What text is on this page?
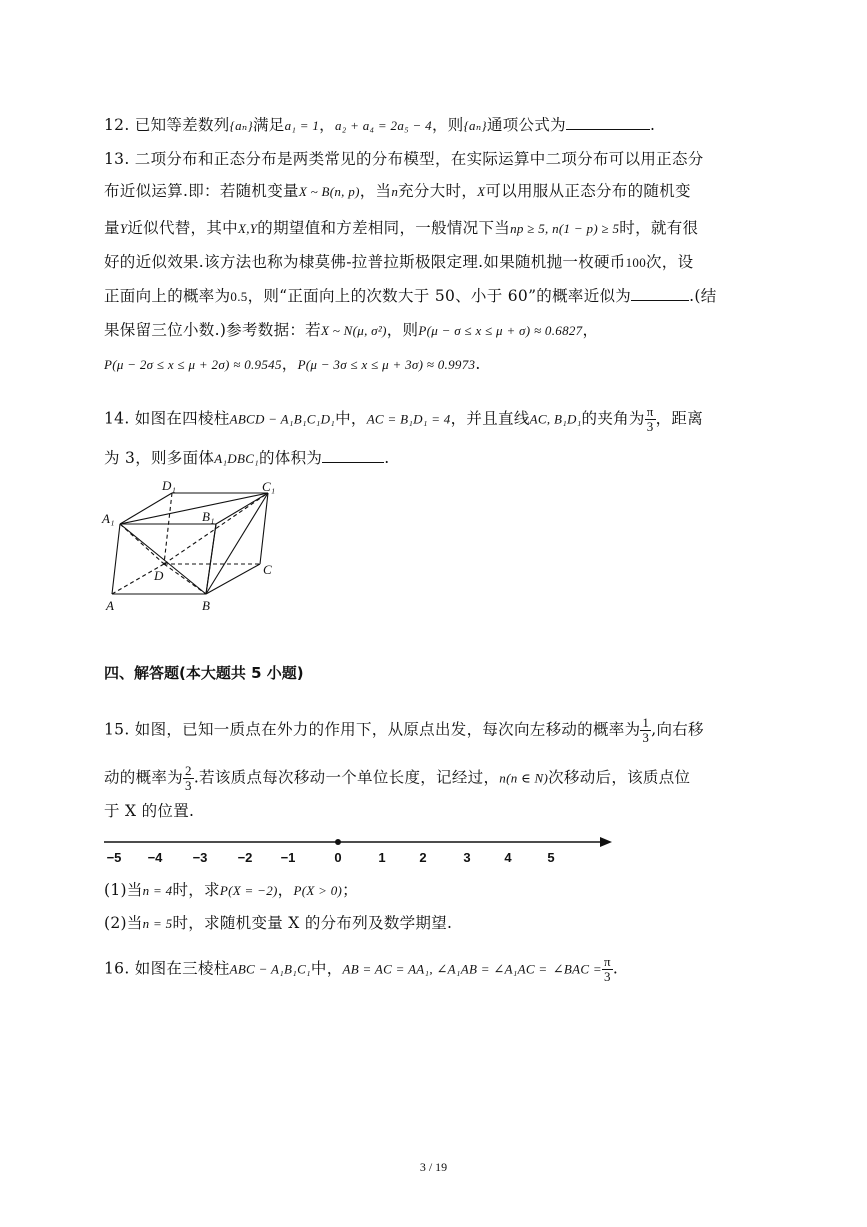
12. 已知等差数列{aₙ}满足a₁ = 1，a₂ + a₄ = 2a₅ − 4，则{aₙ}通项公式为	.
13. 二项分布和正态分布是两类常见的分布模型，在实际运算中二项分布可以用正态分
布近似运算.即：若随机变量X ~ B(n, p)，当n充分大时，X可以用服从正态分布的随机变
量Y近似代替，其中X,Y的期望值和方差相同，一般情况下当np ≥ 5, n(1 − p) ≥ 5时，就有很
好的近似效果.该方法也称为棣莫佛-拉普拉斯极限定理.如果随机抛一枚硬币100次，设
正面向上的概率为0.5，则“正面向上的次数大于 50、小于 60”的概率近似为	.(结
果保留三位小数.)参考数据：若X ~ N(μ, σ²)，则P(μ − σ ≤ x ≤ μ + σ) ≈ 0.6827，
P(μ − 2σ ≤ x ≤ μ + 2σ) ≈ 0.9545，P(μ − 3σ ≤ x ≤ μ + 3σ) ≈ 0.9973.
14. 如图在四棱柱ABCD − A₁B₁C₁D₁中，AC = B₁D₁ = 4，并且直线AC, B₁D₁的夹角为 $\frac{\pi}{3}$ ，距离
为 3，则多面体A₁DBC₁的体积为	.
D₁	C₁
A₁	B₁
D	C
A	B
四、解答题(本大题共 5 小题)
15. 如图，已知一质点在外力的作用下，从原点出发，每次向左移动的概率为 $\frac{1}{3}$ ,向右移
动的概率为 $\frac{2}{3}$ .若该质点每次移动一个单位长度，记经过，n(n ∈ N)次移动后，该质点位
于 X 的位置.
−5 −4 −3 −2 −1	0	1	2	3	4	5
(1)当n = 4时，求P(X = −2)，P(X > 0)；
(2)当n = 5时，求随机变量 X 的分布列及数学期望.
16. 如图在三棱柱ABC − A₁B₁C₁中，AB = AC = AA₁, ∠A₁AB = ∠A₁AC = ∠BAC = $\frac{\pi}{3}$ .
3 / 19
